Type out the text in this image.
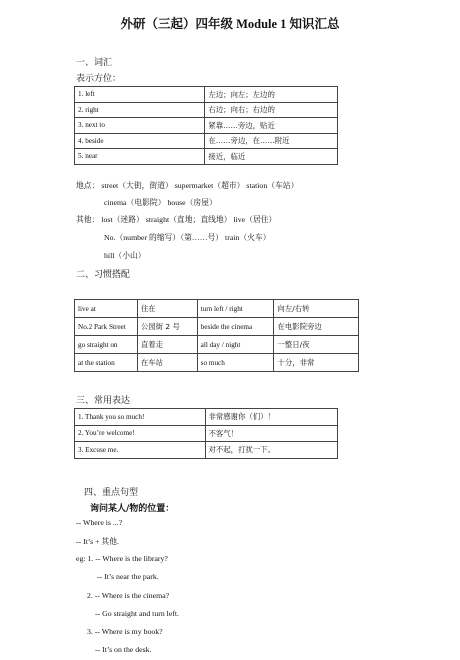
外研（三起）四年级 Module 1 知识汇总
一、词汇
表示方位：
1. left	左边；向左；左边的
2. right	右边；向右；右边的
3. next to	紧靠……旁边，贴近
4. beside	在……旁边，在……附近
5. near	接近，临近
地点： street（大街，街道） supermarket（超市） station（车站）
cinema（电影院） house（房屋）
其他： lost（迷路） straight（直地；直线地） live（居住）
No.（number 的缩写）（第……号） train（火车）
hill（小山）
二、习惯搭配
live at	住在	turn left / right	向左/右转
No.2 Park Street	公园街 2 号	beside the cinema	在电影院旁边
go straight on	直着走	all day / night	一整日/夜
at the station	在车站	so much	十分，非常
三、常用表达
1. Thank you so much!	非常感谢你（们）！
2. You’re welcome!	不客气！
3. Excuse me.	对不起，打扰一下。
四、重点句型
询问某人/物的位置：
-- Where is ...?
-- It’s + 其他.
eg: 1. -- Where is the library?
-- It’s near the park.
2. -- Where is the cinema?
-- Go straight and turn left.
3. -- Where is my book?
-- It’s on the desk.
